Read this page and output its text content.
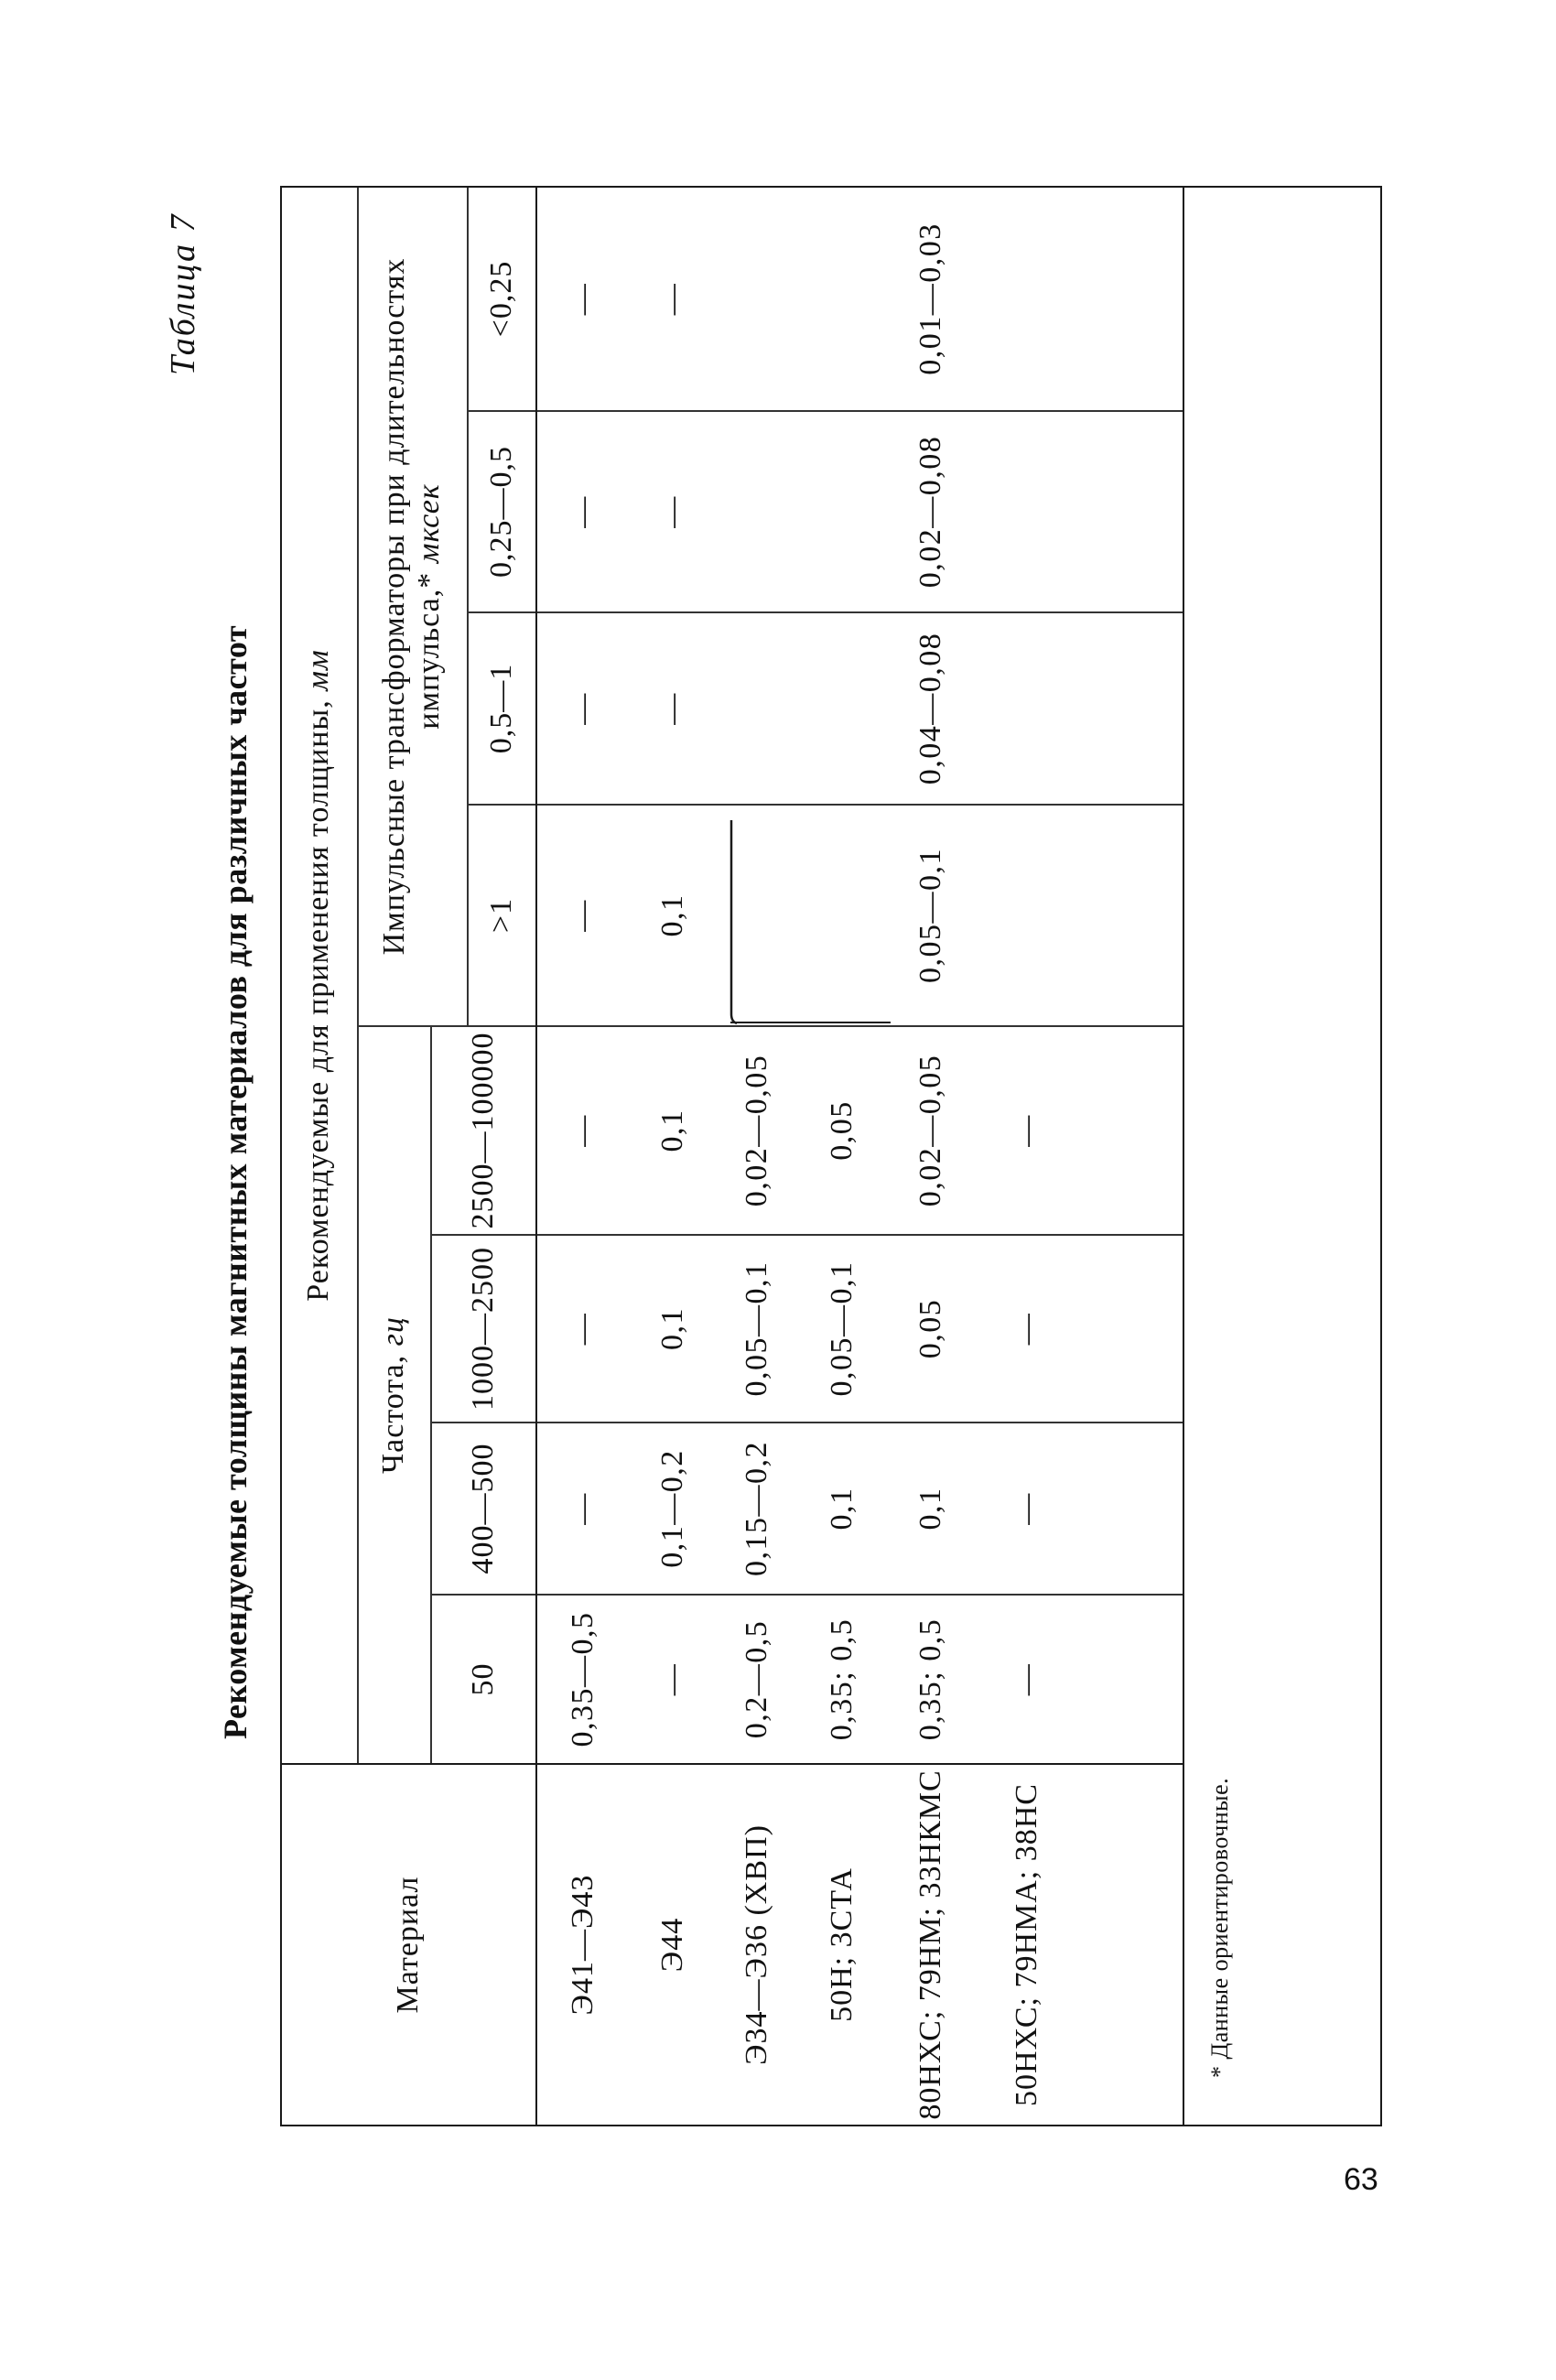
Таблица 7
Рекомендуемые толщины магнитных материалов для различных частот
Материал
Рекомендуемые для применения толщины,

мм
Частота,

гц
Импульсные трансформаторы при длительностях импульса,* мксек
50
400—500
1000—2500
2500—100000
>1
0,5—1
0,25—0,5
<0,25
Э41—Э43
0,35—0,5
—
—
—
—
—
—
—
Э44
—
0,1—0,2
0,1
0,1
0,1
—
—
—
Э34—Э36 (ХВП)
0,2—0,5
0,15—0,2
0,05—0,1
0,02—0,05
50Н; 3СТА
0,35; 0,5
0,1
0,05—0,1
0,05
80НХС; 79НМ; 33НКМС
0,35; 0,5
0,1
0,05
0,02—0,05
0,05—0,1
0,04—0,08
0,02—0,08
0,01—0,03
50НХС; 79НМА; 38НС
—
—
—
—
* Данные ориентировочные.
63
